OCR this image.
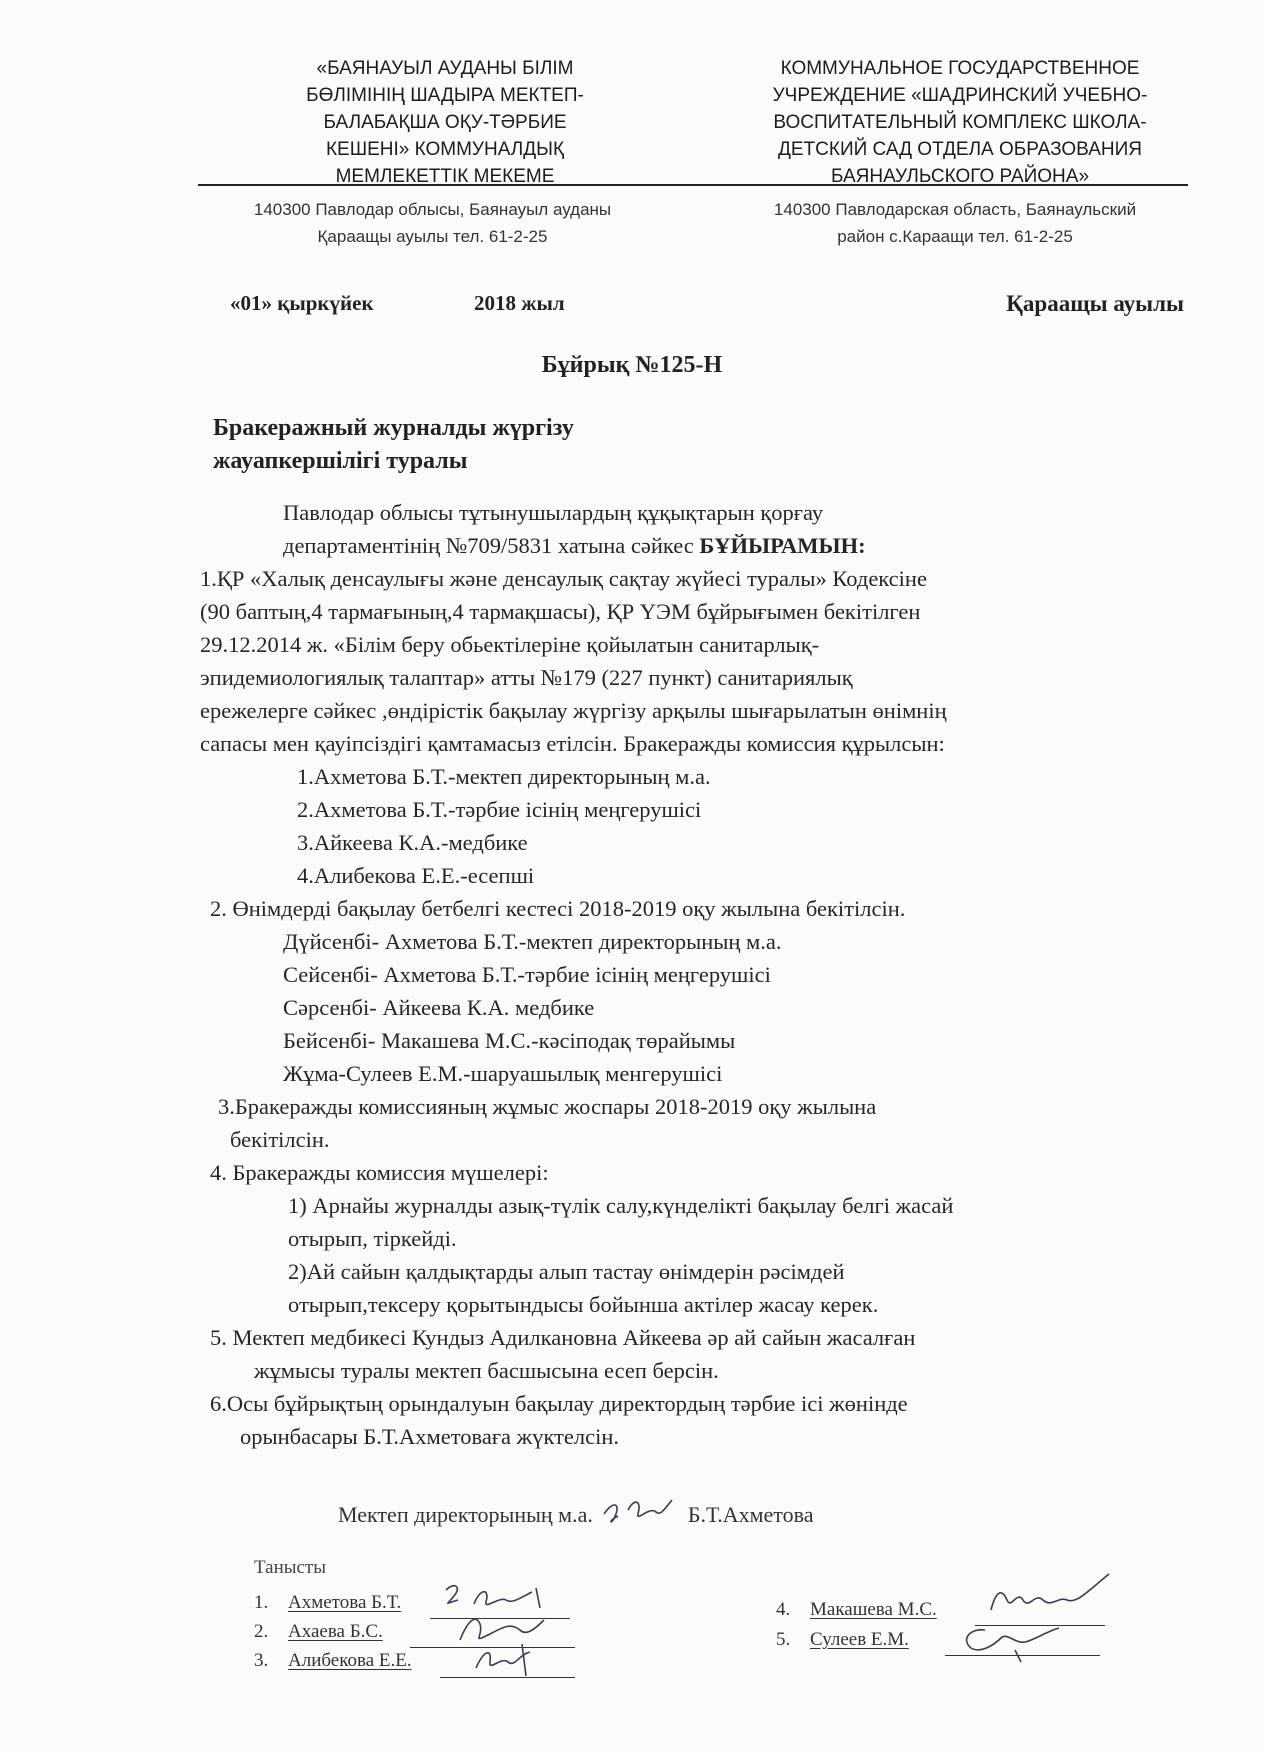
«БАЯНАУЫЛ АУДАНЫ БІЛІМ
БӨЛІМІНІҢ ШАДЫРА МЕКТЕП-
БАЛАБАҚША ОҚУ-ТӘРБИЕ
КЕШЕНІ» КОММУНАЛДЫҚ
МЕМЛЕКЕТТІК МЕКЕМЕ
КОММУНАЛЬНОЕ ГОСУДАРСТВЕННОЕ
УЧРЕЖДЕНИЕ «ШАДРИНСКИЙ УЧЕБНО-
ВОСПИТАТЕЛЬНЫЙ КОМПЛЕКС ШКОЛА-
ДЕТСКИЙ САД ОТДЕЛА ОБРАЗОВАНИЯ
БАЯНАУЛЬСКОГО РАЙОНА»
140300 Павлодар облысы, Баянауыл ауданы
Қараащы ауылы тел. 61-2-25
140300 Павлодарская область, Баянаульский
район с.Караащи тел. 61-2-25
«01» қыркүйек	2018 жыл	Қараащы ауылы
Бұйрық №125-Н
Бракеражный журналды жүргізу
жауапкершілігі туралы
Павлодар облысы тұтынушылардың құқықтарын қорғау
департаментінің №709/5831 хатына сәйкес БҰЙЫРАМЫН:
1.ҚР «Халық денсаулығы және денсаулық сақтау жүйесі туралы» Кодексіне
(90 баптың,4 тармағының,4 тармақшасы), ҚР ҮЭМ бұйрығымен бекітілген
29.12.2014 ж. «Білім беру обьектілеріне қойылатын санитарлық-
эпидемиологиялық талаптар» атты №179 (227 пункт) санитариялық
ережелерге сәйкес ,өндірістік бақылау жүргізу арқылы шығарылатын өнімнің
сапасы мен қауіпсіздігі қамтамасыз етілсін. Бракеражды комиссия құрылсын:
1.Ахметова Б.Т.-мектеп директорының м.а.
2.Ахметова Б.Т.-тәрбие ісінің меңгерушісі
3.Айкеева К.А.-медбике
4.Алибекова Е.Е.-есепші
2. Өнімдерді бақылау бетбелгі кестесі 2018-2019 оқу жылына бекітілсін.
Дүйсенбі- Ахметова Б.Т.-мектеп директорының м.а.
Сейсенбі- Ахметова Б.Т.-тәрбие ісінің меңгерушісі
Сәрсенбі- Айкеева К.А. медбике
Бейсенбі- Макашева М.С.-кәсіподақ төрайымы
Жұма-Сулеев Е.М.-шаруашылық менгерушісі
3.Бракеражды комиссияның жұмыс жоспары 2018-2019 оқу жылына
бекітілсін.
4. Бракеражды комиссия мүшелері:
1) Арнайы журналды азық-түлік салу,күнделікті бақылау белгі жасай
отырып, тіркейді.
2)Ай сайын қалдықтарды алып тастау өнімдерін рәсімдей
отырып,тексеру қорытындысы бойынша актілер жасау керек.
5. Мектеп медбикесі Кундыз Адилкановна Айкеева әр ай сайын жасалған
жұмысы туралы мектеп басшысына есеп берсін.
6.Осы бұйрықтың орындалуын бақылау директордың тәрбие ісі жөнінде
орынбасары Б.Т.Ахметоваға жүктелсін.
Мектеп директорының м.а.	Б.Т.Ахметова
Танысты
1. Ахметова Б.Т.
2. Ахаева Б.С.
3. Алибекова Е.Е.
4. Макашева М.С.
5. Сулеев Е.М.
